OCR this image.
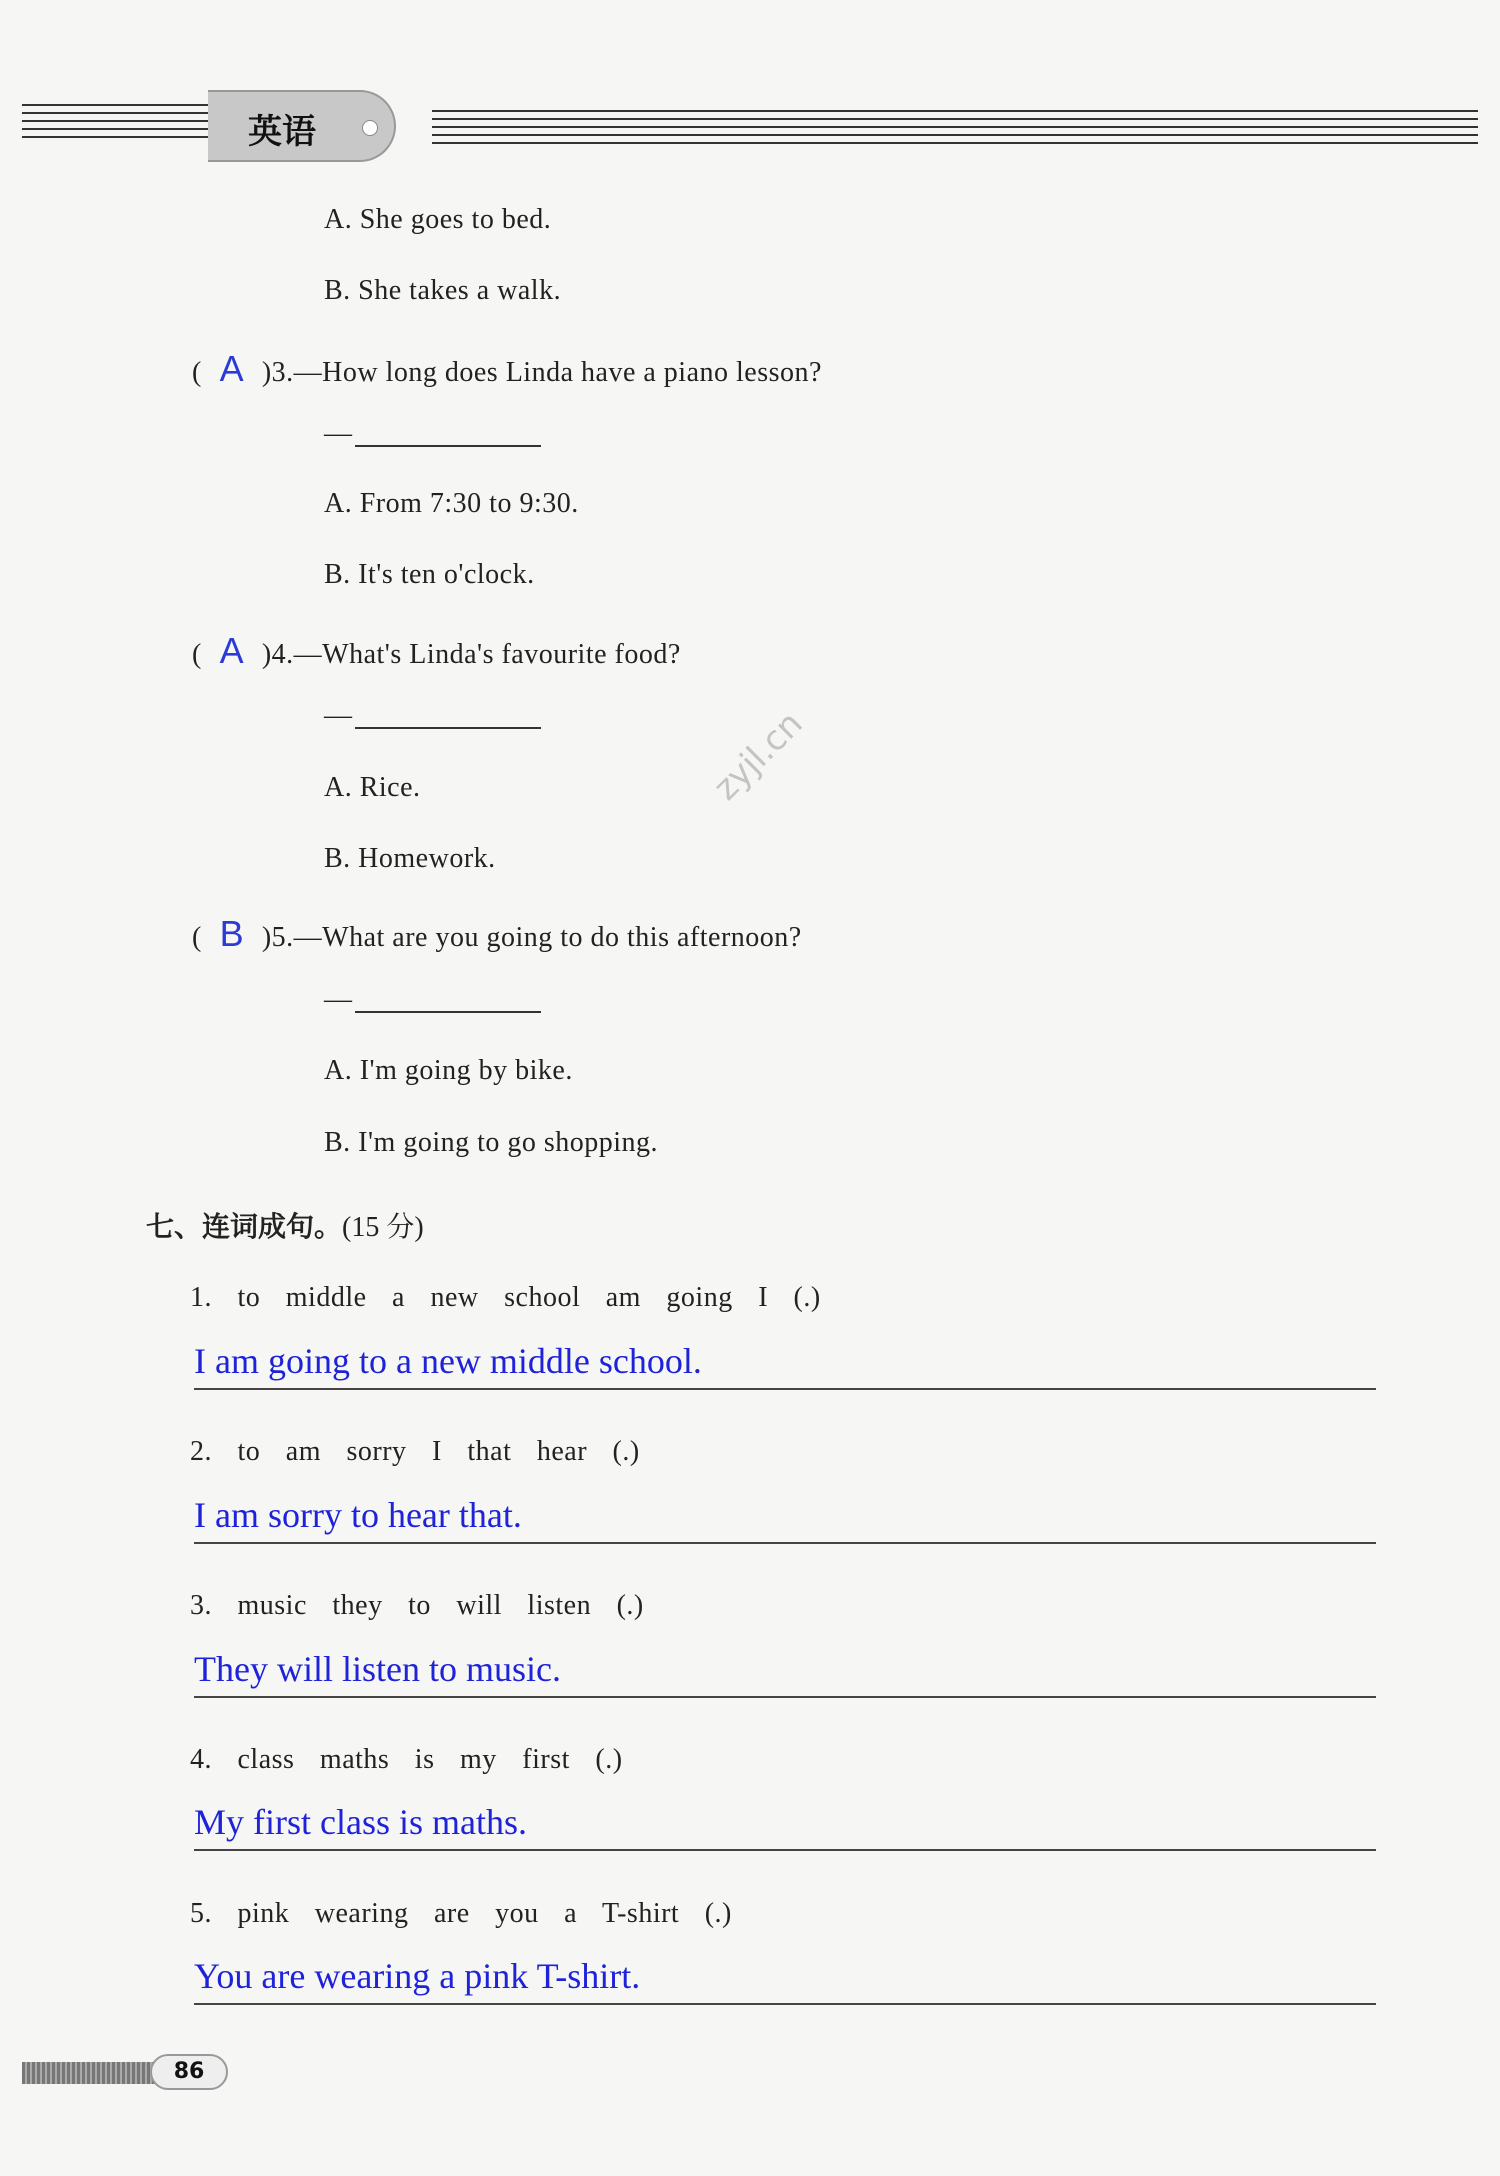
英语
A. She goes to bed.
B. She takes a walk.
( A )3.—How long does Linda have a piano lesson?
—
A. From 7:30 to 9:30.
B. It's ten o'clock.
( A )4.—What's Linda's favourite food?
—
A. Rice.
B. Homework.
( B )5.—What are you going to do this afternoon?
—
A. I'm going by bike.
B. I'm going to go shopping.
七、连词成句。(15 分)
1. to middle a new school am going I (.)
I am going to a new middle school.
2. to am sorry I that hear (.)
I am sorry to hear that.
3. music they to will listen (.)
They will listen to music.
4. class maths is my first (.)
My first class is maths.
5. pink wearing are you a T-shirt (.)
You are wearing a pink T-shirt.
zyjl.cn
86
